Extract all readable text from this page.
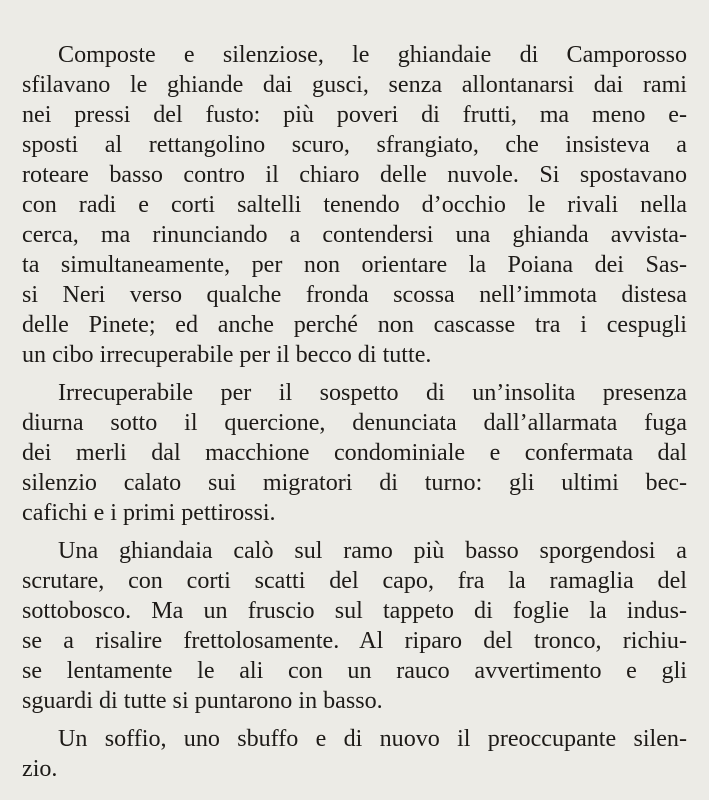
Composte e silenziose, le ghiandaie di Camporosso
sfilavano le ghiande dai gusci, senza allontanarsi dai rami
nei pressi del fusto: più poveri di frutti, ma meno e-
sposti al rettangolino scuro, sfrangiato, che insisteva a
roteare basso contro il chiaro delle nuvole. Si spostavano
con radi e corti saltelli tenendo d’occhio le rivali nella
cerca, ma rinunciando a contendersi una ghianda avvista-
ta simultaneamente, per non orientare la Poiana dei Sas-
si Neri verso qualche fronda scossa nell’immota distesa
delle Pinete; ed anche perché non cascasse tra i cespugli
un cibo irrecuperabile per il becco di tutte.
Irrecuperabile per il sospetto di un’insolita presenza
diurna sotto il quercione, denunciata dall’allarmata fuga
dei merli dal macchione condominiale e confermata dal
silenzio calato sui migratori di turno: gli ultimi bec-
cafichi e i primi pettirossi.
Una ghiandaia calò sul ramo più basso sporgendosi a
scrutare, con corti scatti del capo, fra la ramaglia del
sottobosco. Ma un fruscio sul tappeto di foglie la indus-
se a risalire frettolosamente. Al riparo del tronco, richiu-
se lentamente le ali con un rauco avvertimento e gli
sguardi di tutte si puntarono in basso.
Un soffio, uno sbuffo e di nuovo il preoccupante silen-
zio.
